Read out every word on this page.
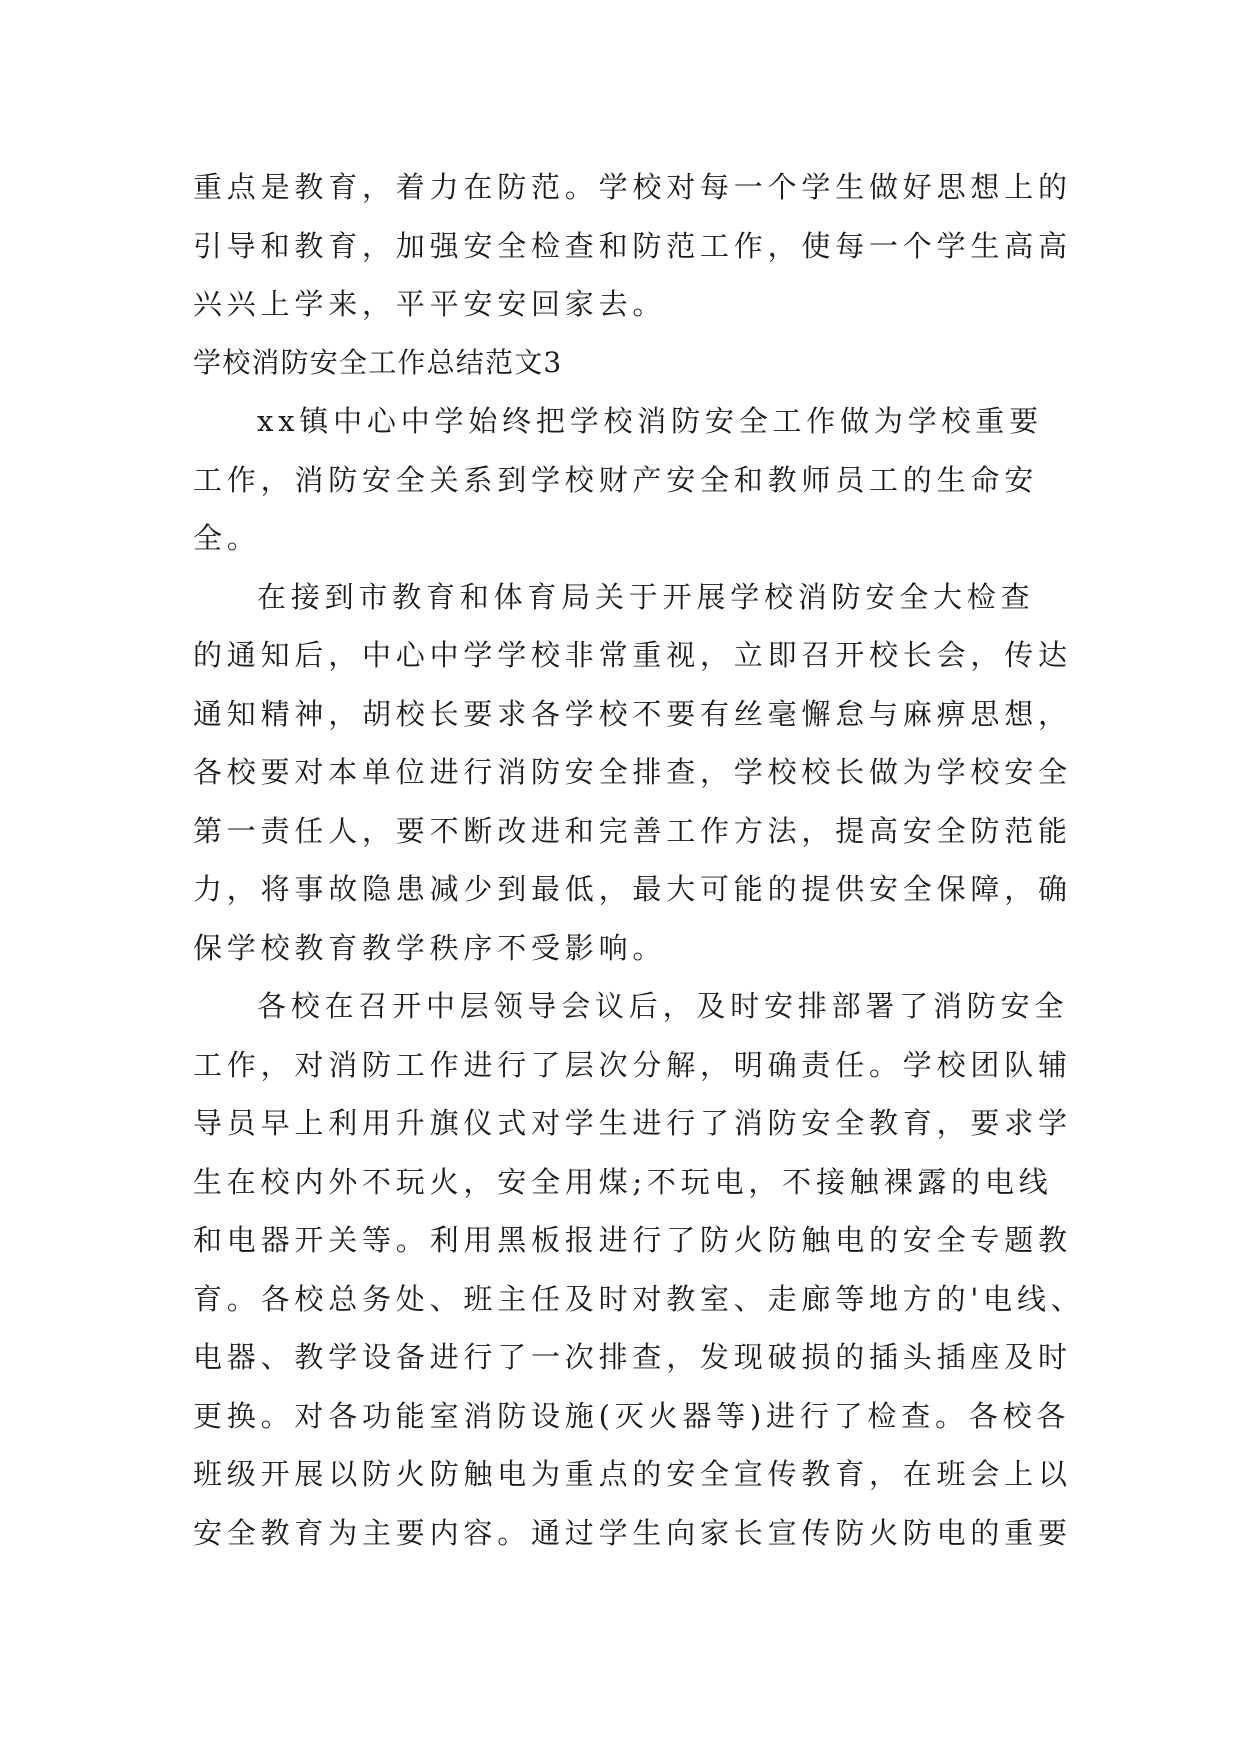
重点是教育，着力在防范。学校对每一个学生做好思想上的
引导和教育，加强安全检查和防范工作，使每一个学生高高
兴兴上学来，平平安安回家去。
学校消防安全工作总结范文3
xx镇中心中学始终把学校消防安全工作做为学校重要
工作，消防安全关系到学校财产安全和教师员工的生命安
全。
在接到市教育和体育局关于开展学校消防安全大检查
的通知后，中心中学学校非常重视，立即召开校长会，传达
通知精神，胡校长要求各学校不要有丝毫懈怠与麻痹思想，
各校要对本单位进行消防安全排查，学校校长做为学校安全
第一责任人，要不断改进和完善工作方法，提高安全防范能
力，将事故隐患减少到最低，最大可能的提供安全保障，确
保学校教育教学秩序不受影响。
各校在召开中层领导会议后，及时安排部署了消防安全
工作，对消防工作进行了层次分解，明确责任。学校团队辅
导员早上利用升旗仪式对学生进行了消防安全教育，要求学
生在校内外不玩火，安全用煤;不玩电，不接触裸露的电线
和电器开关等。利用黑板报进行了防火防触电的安全专题教
育。各校总务处、班主任及时对教室、走廊等地方的'电线、
电器、教学设备进行了一次排查，发现破损的插头插座及时
更换。对各功能室消防设施(灭火器等)进行了检查。各校各
班级开展以防火防触电为重点的安全宣传教育，在班会上以
安全教育为主要内容。通过学生向家长宣传防火防电的重要
